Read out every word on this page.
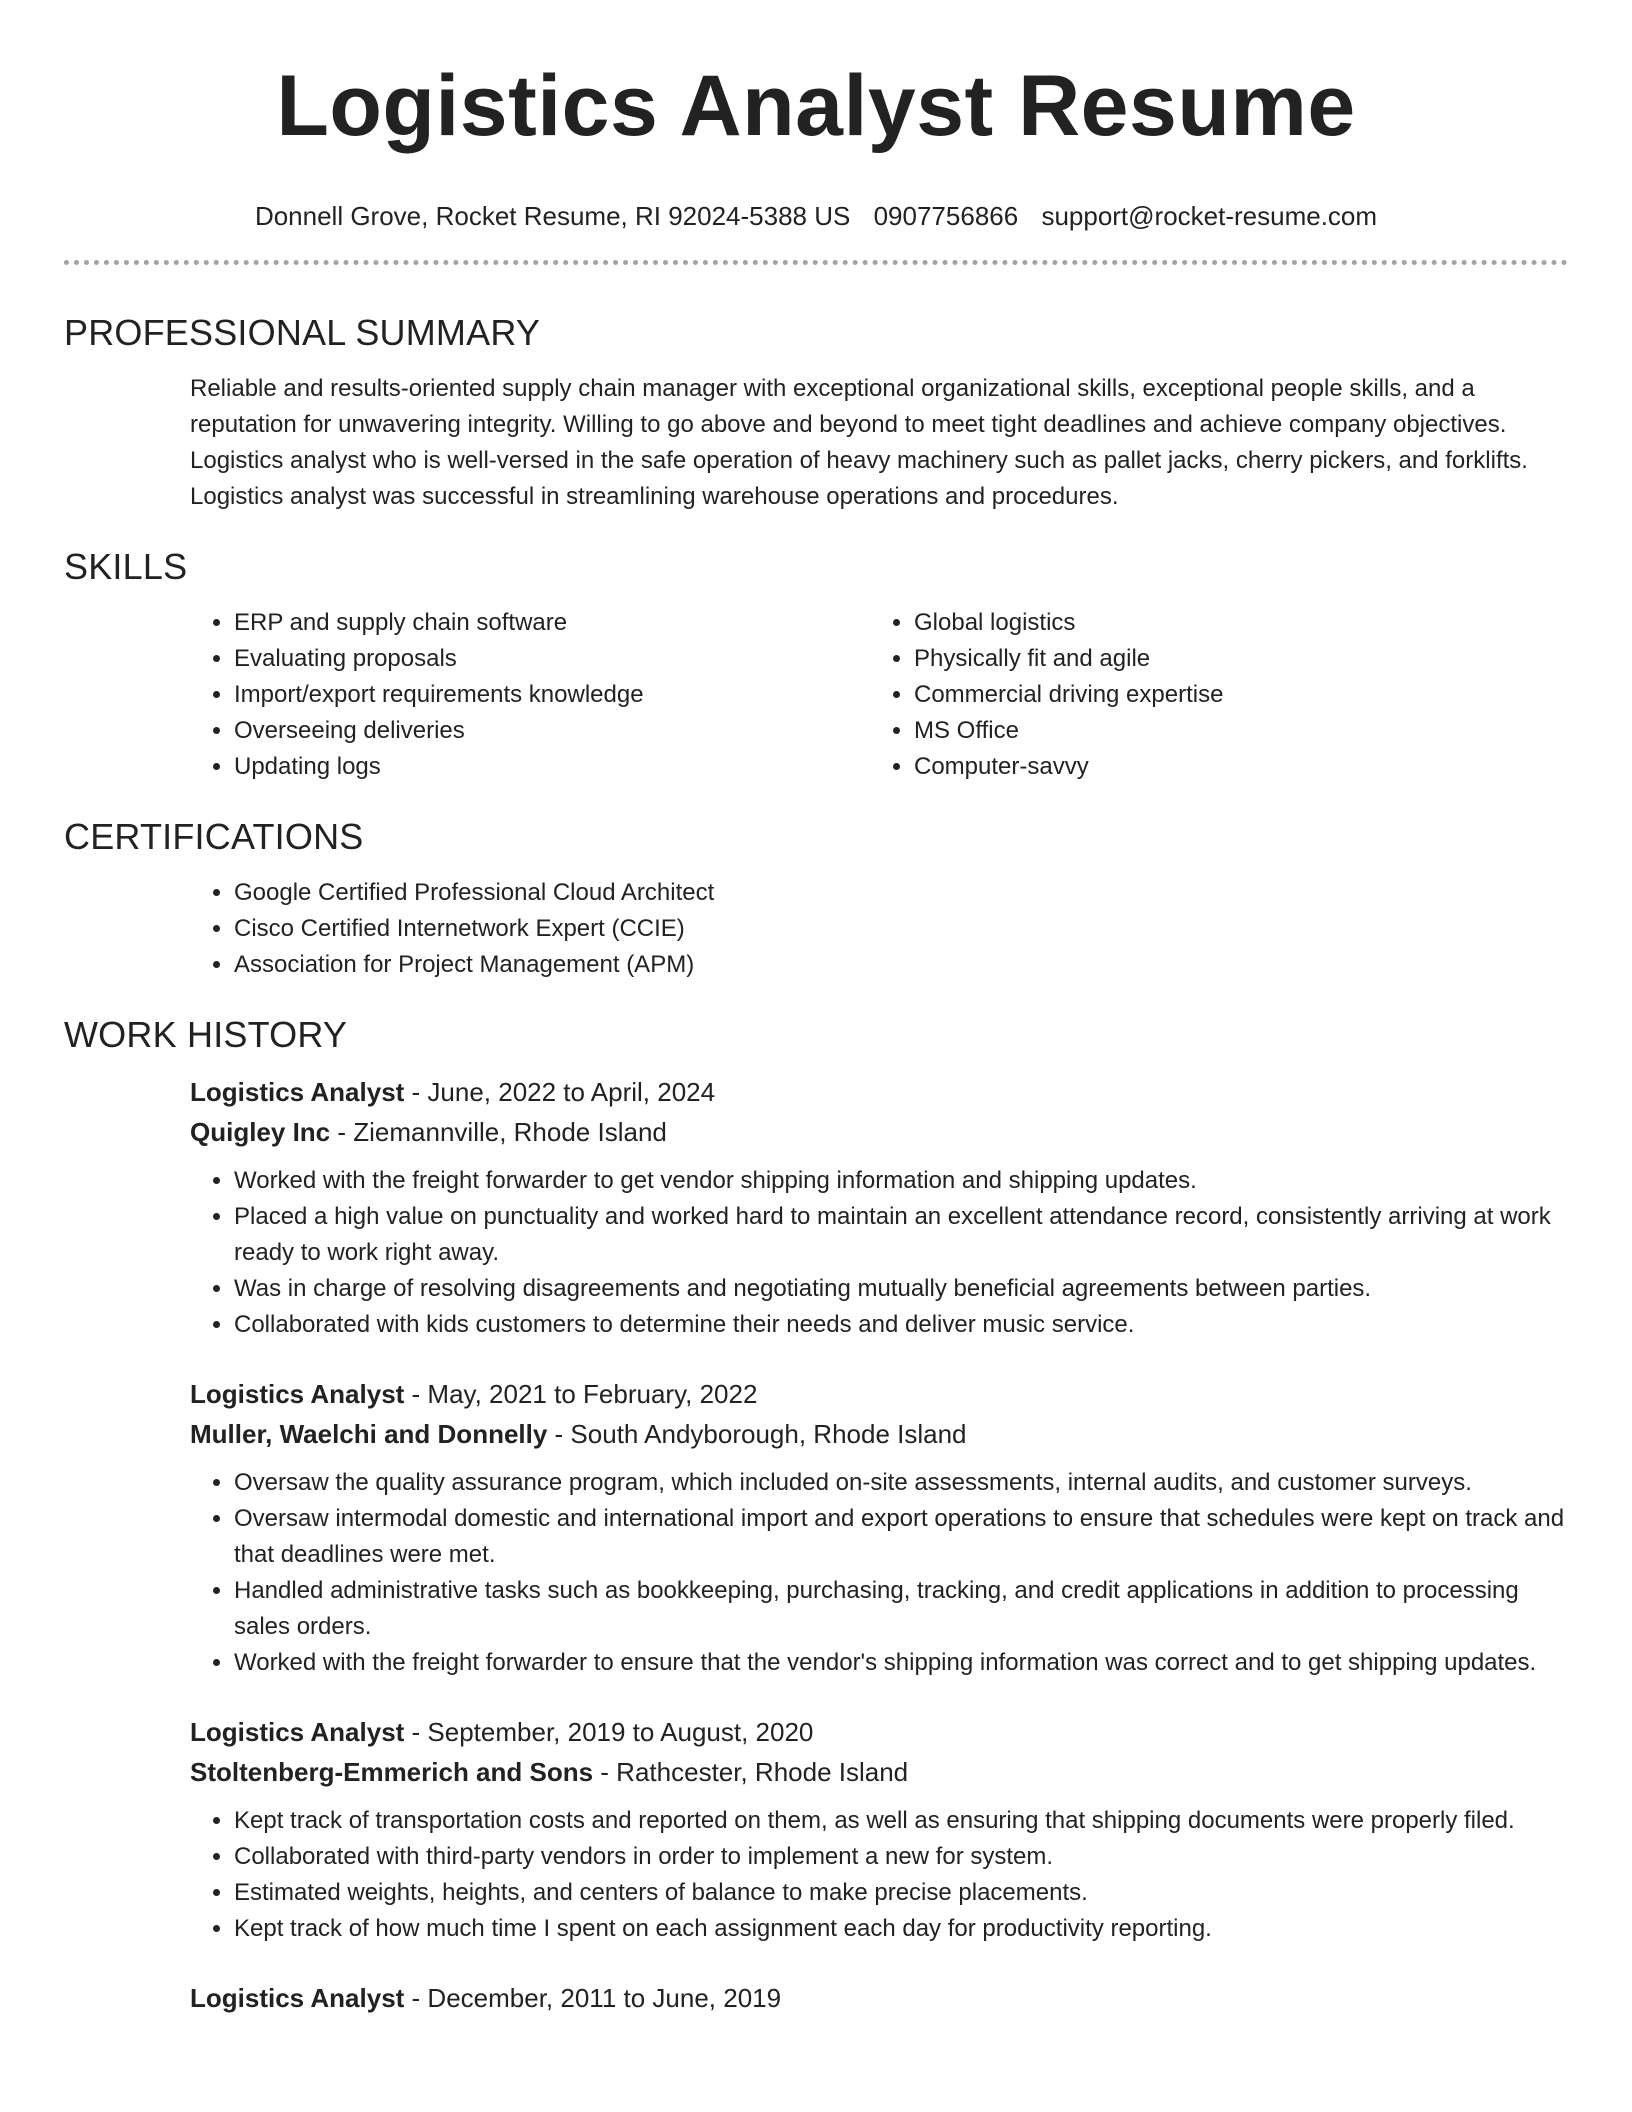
Logistics Analyst Resume
Donnell Grove, Rocket Resume, RI 92024-5388 US 0907756866 support@rocket-resume.com
PROFESSIONAL SUMMARY

Reliable and results-oriented supply chain manager with exceptional organizational skills, exceptional people skills, and a reputation for unwavering integrity. Willing to go above and beyond to meet tight deadlines and achieve company objectives. Logistics analyst who is well-versed in the safe operation of heavy machinery such as pallet jacks, cherry pickers, and forklifts. Logistics analyst was successful in streamlining warehouse operations and procedures.

SKILLS
• ERP and supply chain software
• Evaluating proposals
• Import/export requirements knowledge
• Overseeing deliveries
• Updating logs
• Global logistics
• Physically fit and agile
• Commercial driving expertise
• MS Office
• Computer-savvy
CERTIFICATIONS
• Google Certified Professional Cloud Architect
• Cisco Certified Internetwork Expert (CCIE)
• Association for Project Management (APM)
WORK HISTORY
Logistics Analyst - June, 2022 to April, 2024
Quigley Inc - Ziemannville, Rhode Island
• Worked with the freight forwarder to get vendor shipping information and shipping updates.
• Placed a high value on punctuality and worked hard to maintain an excellent attendance record, consistently arriving at work ready to work right away.
• Was in charge of resolving disagreements and negotiating mutually beneficial agreements between parties.
• Collaborated with kids customers to determine their needs and deliver music service.
Logistics Analyst - May, 2021 to February, 2022
Muller, Waelchi and Donnelly - South Andyborough, Rhode Island
• Oversaw the quality assurance program, which included on-site assessments, internal audits, and customer surveys.
• Oversaw intermodal domestic and international import and export operations to ensure that schedules were kept on track and that deadlines were met.
• Handled administrative tasks such as bookkeeping, purchasing, tracking, and credit applications in addition to processing sales orders.
• Worked with the freight forwarder to ensure that the vendor's shipping information was correct and to get shipping updates.
Logistics Analyst - September, 2019 to August, 2020
Stoltenberg-Emmerich and Sons - Rathcester, Rhode Island
• Kept track of transportation costs and reported on them, as well as ensuring that shipping documents were properly filed.
• Collaborated with third-party vendors in order to implement a new for system.
• Estimated weights, heights, and centers of balance to make precise placements.
• Kept track of how much time I spent on each assignment each day for productivity reporting.
Logistics Analyst - December, 2011 to June, 2019
